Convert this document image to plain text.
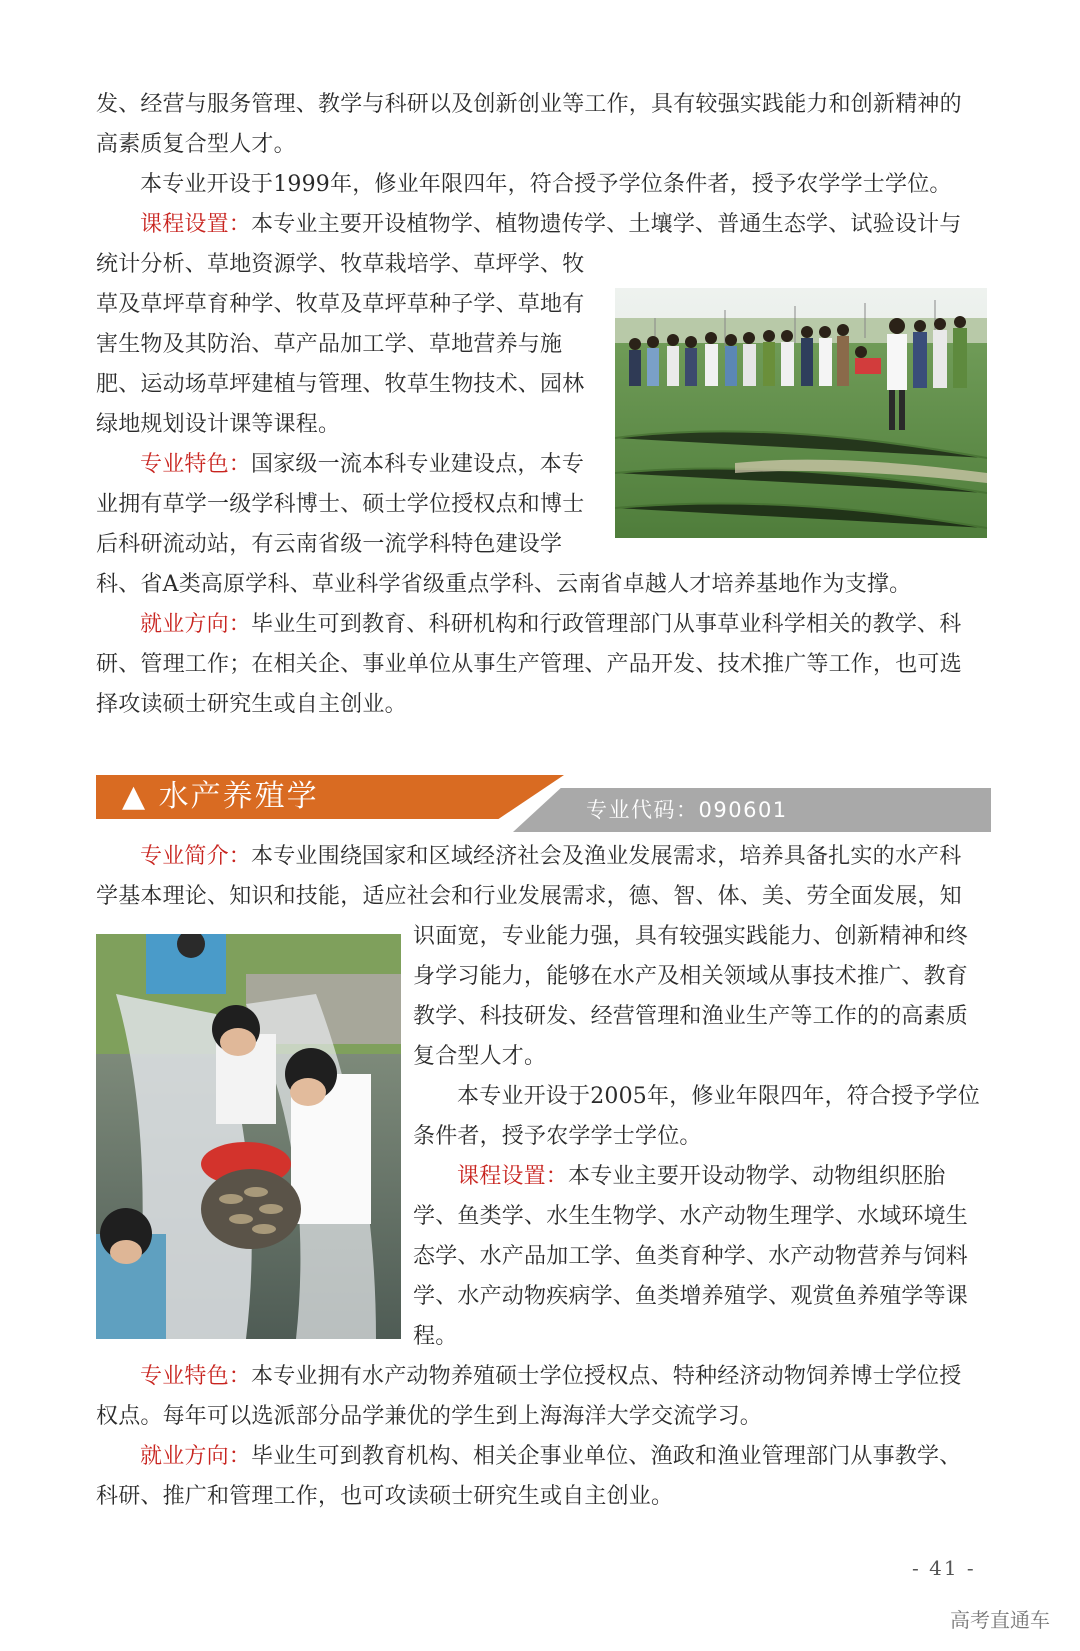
发、经营与服务管理、教学与科研以及创新创业等工作，具有较强实践能力和创新精神的
高素质复合型人才。
本专业开设于1999年，修业年限四年，符合授予学位条件者，授予农学学士学位。
课程设置：本专业主要开设植物学、植物遗传学、土壤学、普通生态学、试验设计与
统计分析、草地资源学、牧草栽培学、草坪学、牧
草及草坪草育种学、牧草及草坪草种子学、草地有
害生物及其防治、草产品加工学、草地营养与施
肥、运动场草坪建植与管理、牧草生物技术、园林
绿地规划设计课等课程。
专业特色：国家级一流本科专业建设点，本专
业拥有草学一级学科博士、硕士学位授权点和博士
后科研流动站，有云南省级一流学科特色建设学
科、省A类高原学科、草业科学省级重点学科、云南省卓越人才培养基地作为支撑。
就业方向：毕业生可到教育、科研机构和行政管理部门从事草业科学相关的教学、科
研、管理工作；在相关企、事业单位从事生产管理、产品开发、技术推广等工作，也可选
择攻读硕士研究生或自主创业。
▲ 水产养殖学	专业代码：090601
专业简介：本专业围绕国家和区域经济社会及渔业发展需求，培养具备扎实的水产科
学基本理论、知识和技能，适应社会和行业发展需求，德、智、体、美、劳全面发展，知
识面宽，专业能力强，具有较强实践能力、创新精神和终
身学习能力，能够在水产及相关领域从事技术推广、教育
教学、科技研发、经营管理和渔业生产等工作的的高素质
复合型人才。
本专业开设于2005年，修业年限四年，符合授予学位
条件者，授予农学学士学位。
课程设置：本专业主要开设动物学、动物组织胚胎
学、鱼类学、水生生物学、水产动物生理学、水域环境生
态学、水产品加工学、鱼类育种学、水产动物营养与饲料
学、水产动物疾病学、鱼类增养殖学、观赏鱼养殖学等课
程。
专业特色：本专业拥有水产动物养殖硕士学位授权点、特种经济动物饲养博士学位授
权点。每年可以选派部分品学兼优的学生到上海海洋大学交流学习。
就业方向：毕业生可到教育机构、相关企事业单位、渔政和渔业管理部门从事教学、
科研、推广和管理工作，也可攻读硕士研究生或自主创业。
- 41 -
高考直通车
